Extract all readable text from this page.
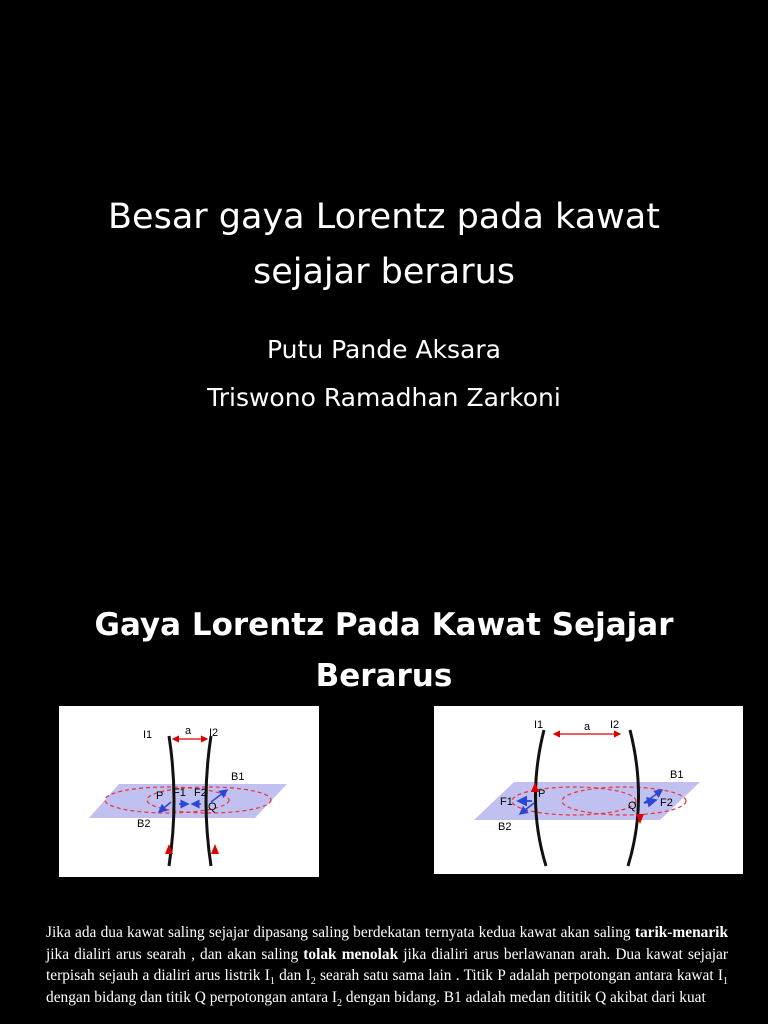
Besar gaya Lorentz pada kawat
sejajar berarus
Putu Pande Aksara
Triswono Ramadhan Zarkoni
Gaya Lorentz Pada Kawat Sejajar
Berarus
I1	a I2
B1
F1 F2
P
Q
B2
I1	a I2
B1
P
F1	Q F2
B2

Jika ada dua kawat saling sejajar dipasang saling berdekatan ternyata kedua kawat akan saling tarik-menarik jika dialiri arus searah , dan akan saling tolak menolak jika dialiri arus berlawanan arah. Dua kawat sejajar terpisah sejauh a dialiri arus listrik $I_1$ dan $I_2$ searah satu sama lain . Titik P adalah perpotongan antara kawat $I_1$ dengan bidang dan titik Q perpotongan antara $I_2$ dengan bidang. B1 adalah medan dititik Q akibat dari kuat
